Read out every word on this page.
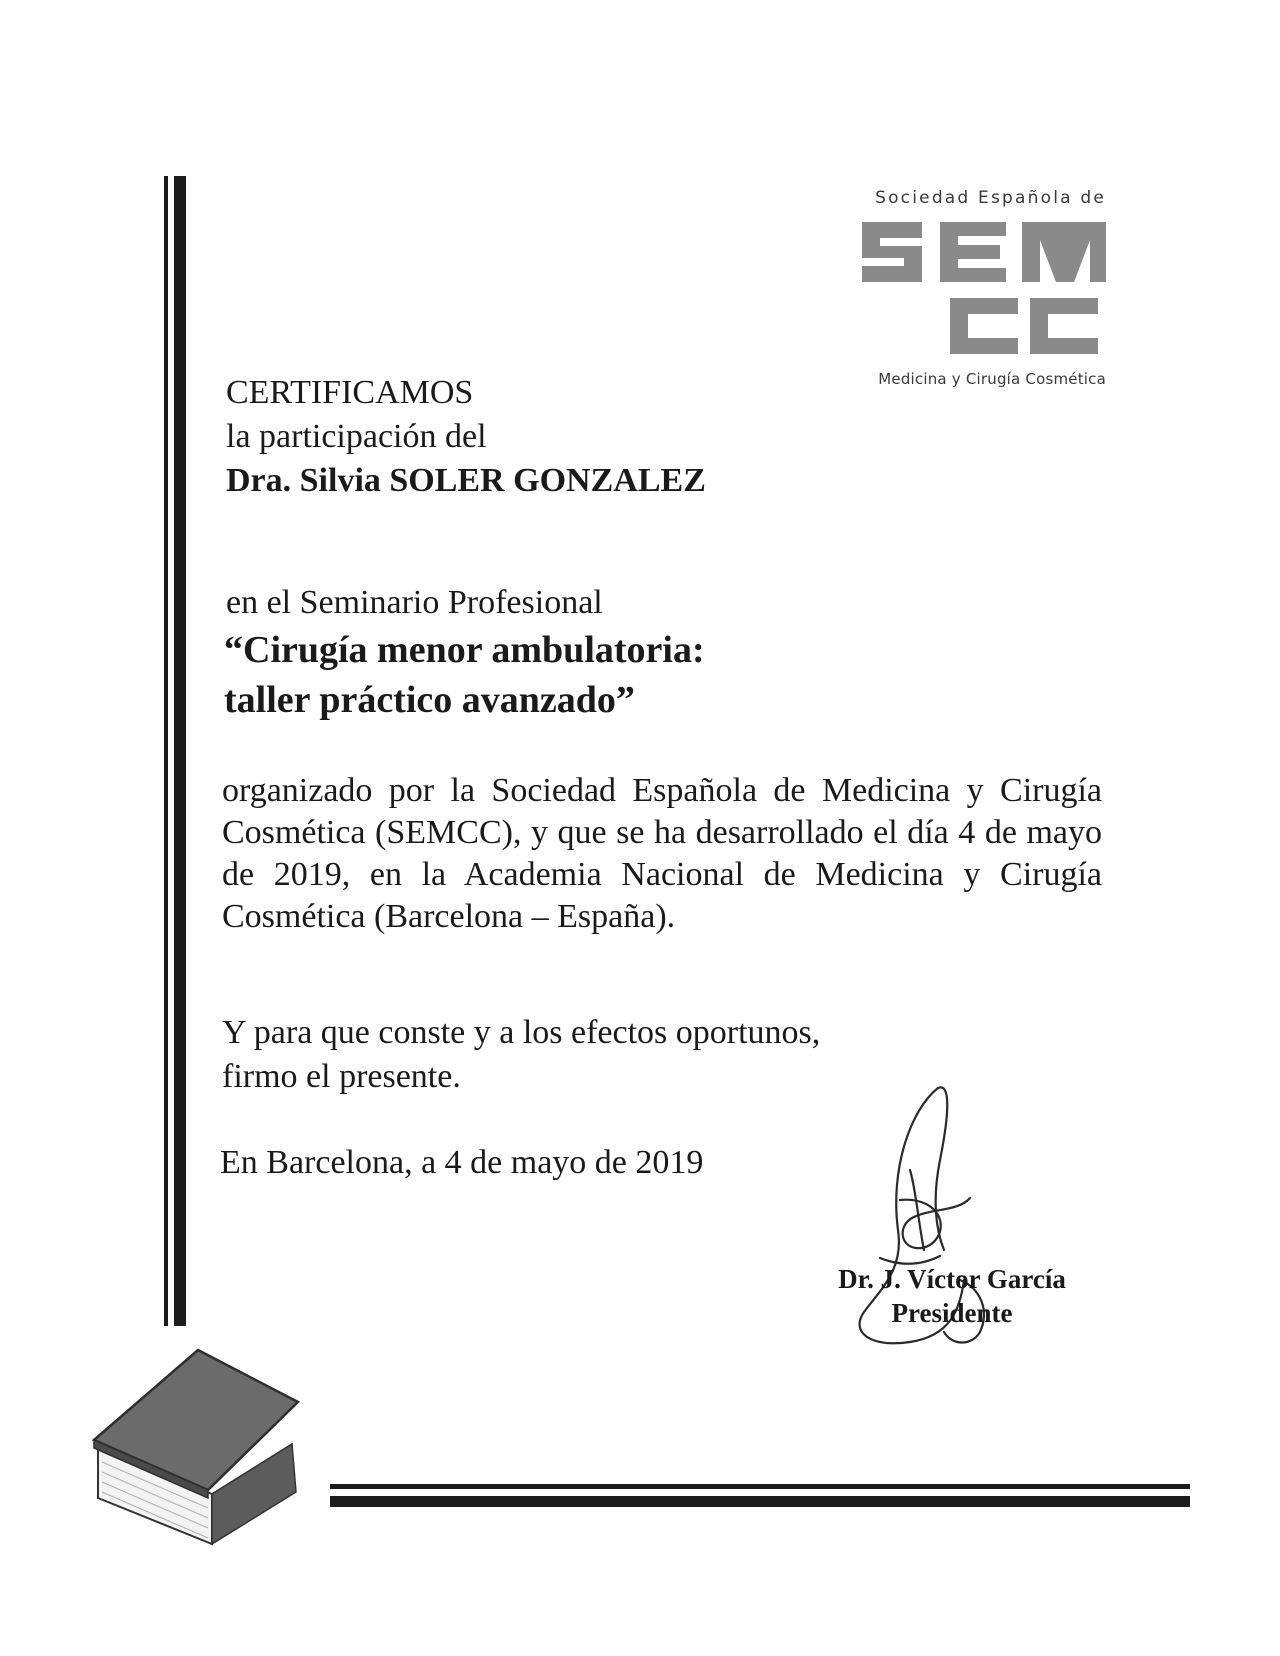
Sociedad Española de
Medicina y Cirugía Cosmética
CERTIFICAMOS
la participación del
Dra. Silvia SOLER GONZALEZ
en el Seminario Profesional
“Cirugía menor ambulatoria:
taller práctico avanzado”
organizado por la Sociedad Española de Medicina y Cirugía Cosmética (SEMCC), y que se ha desarrollado el día 4 de mayo de 2019, en la Academia Nacional de Medicina y Cirugía Cosmética (Barcelona – España).
Y para que conste y a los efectos oportunos,
firmo el presente.
En Barcelona, a 4 de mayo de 2019
Dr. J. Víctor García
Presidente
